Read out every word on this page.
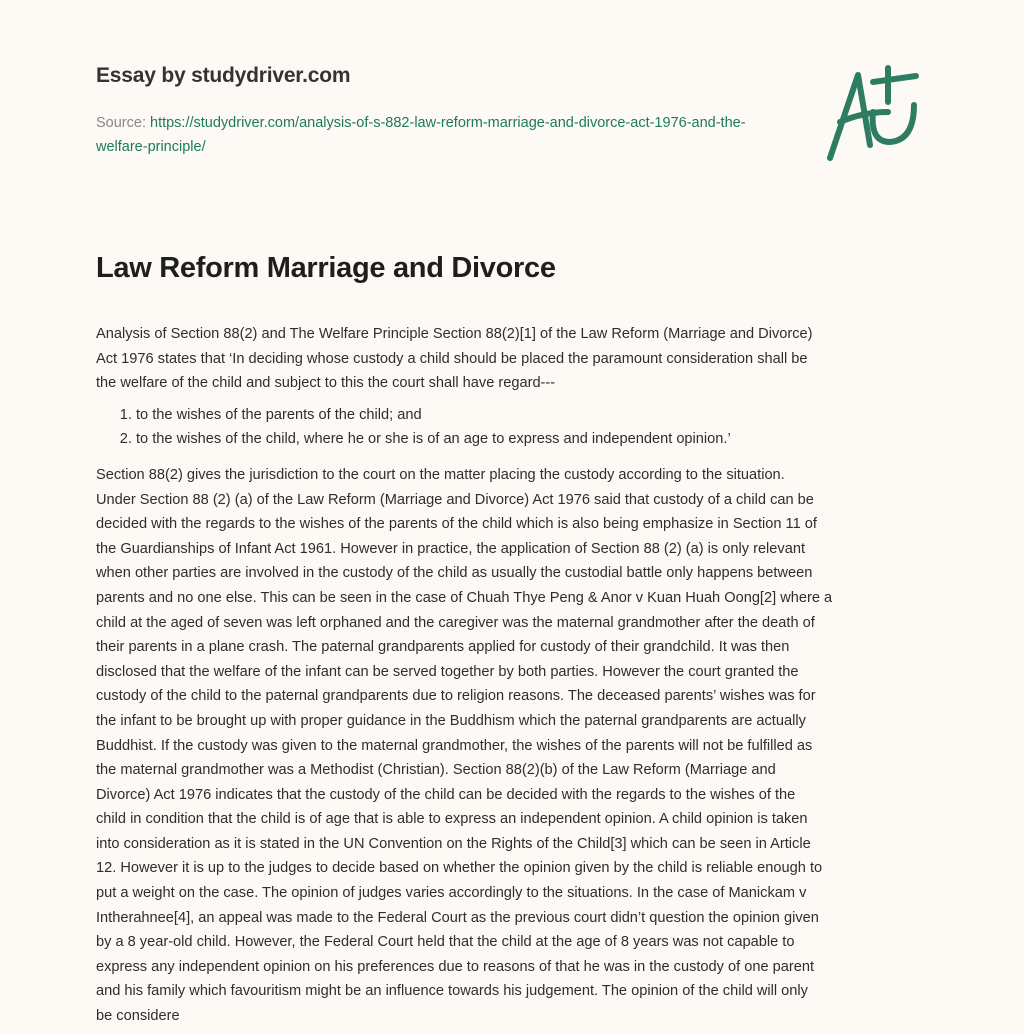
Essay by studydriver.com
Source: https://studydriver.com/analysis-of-s-882-law-reform-marriage-and-divorce-act-1976-and-the-welfare-principle/
Law Reform Marriage and Divorce
Analysis of Section 88(2) and The Welfare Principle Section 88(2)[1] of the Law Reform (Marriage and Divorce)
Act 1976 states that ‘In deciding whose custody a child should be placed the paramount consideration shall be
the welfare of the child and subject to this the court shall have regard---
1. to the wishes of the parents of the child; and
2. to the wishes of the child, where he or she is of an age to express and independent opinion.’
Section 88(2) gives the jurisdiction to the court on the matter placing the custody according to the situation.
Under Section 88 (2) (a) of the Law Reform (Marriage and Divorce) Act 1976 said that custody of a child can be
decided with the regards to the wishes of the parents of the child which is also being emphasize in Section 11 of
the Guardianships of Infant Act 1961. However in practice, the application of Section 88 (2) (a) is only relevant
when other parties are involved in the custody of the child as usually the custodial battle only happens between
parents and no one else. This can be seen in the case of Chuah Thye Peng & Anor v Kuan Huah Oong[2] where a
child at the aged of seven was left orphaned and the caregiver was the maternal grandmother after the death of
their parents in a plane crash. The paternal grandparents applied for custody of their grandchild. It was then
disclosed that the welfare of the infant can be served together by both parties. However the court granted the
custody of the child to the paternal grandparents due to religion reasons. The deceased parents’ wishes was for
the infant to be brought up with proper guidance in the Buddhism which the paternal grandparents are actually
Buddhist. If the custody was given to the maternal grandmother, the wishes of the parents will not be fulfilled as
the maternal grandmother was a Methodist (Christian). Section 88(2)(b) of the Law Reform (Marriage and
Divorce) Act 1976 indicates that the custody of the child can be decided with the regards to the wishes of the
child in condition that the child is of age that is able to express an independent opinion. A child opinion is taken
into consideration as it is stated in the UN Convention on the Rights of the Child[3] which can be seen in Article
12. However it is up to the judges to decide based on whether the opinion given by the child is reliable enough to
put a weight on the case. The opinion of judges varies accordingly to the situations. In the case of Manickam v
Intherahnee[4], an appeal was made to the Federal Court as the previous court didn’t question the opinion given
by a 8 year-old child. However, the Federal Court held that the child at the age of 8 years was not capable to
express any independent opinion on his preferences due to reasons of that he was in the custody of one parent
and his family which favouritism might be an influence towards his judgement. The opinion of the child will only
be considere
